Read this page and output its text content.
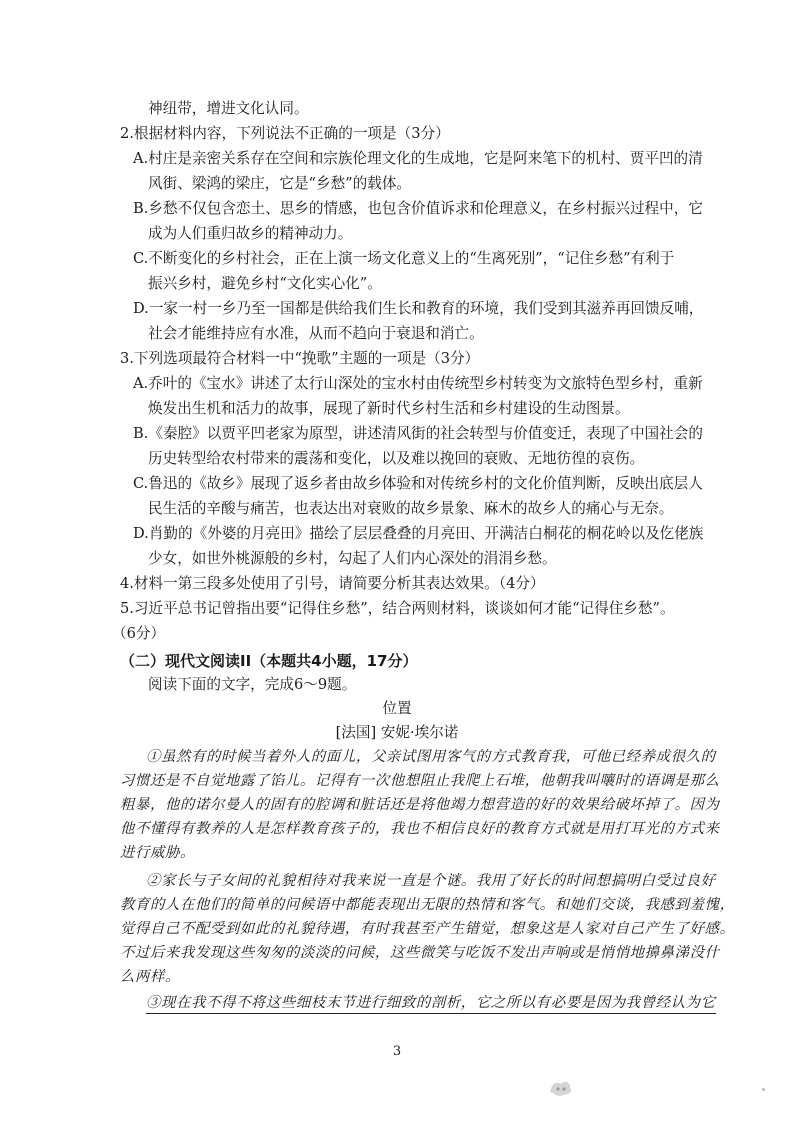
神纽带，增进文化认同。
2.根据材料内容，下列说法不正确的一项是（3分）
A.村庄是亲密关系存在空间和宗族伦理文化的生成地，它是阿来笔下的机村、贾平凹的清
风街、梁鸿的梁庄，它是“乡愁”的载体。
B.乡愁不仅包含恋土、思乡的情感，也包含价值诉求和伦理意义，在乡村振兴过程中，它
成为人们重归故乡的精神动力。
C.不断变化的乡村社会，正在上演一场文化意义上的“生离死别”，“记住乡愁”有利于
振兴乡村，避免乡村“文化实心化”。
D.一家一村一乡乃至一国都是供给我们生长和教育的环境，我们受到其滋养再回馈反哺，
社会才能维持应有水准，从而不趋向于衰退和消亡。
3.下列选项最符合材料一中“挽歌”主题的一项是（3分）
A.乔叶的《宝水》讲述了太行山深处的宝水村由传统型乡村转变为文旅特色型乡村，重新
焕发出生机和活力的故事，展现了新时代乡村生活和乡村建设的生动图景。
B.《秦腔》以贾平凹老家为原型，讲述清风街的社会转型与价值变迁，表现了中国社会的
历史转型给农村带来的震荡和变化，以及难以挽回的衰败、无地彷徨的哀伤。
C.鲁迅的《故乡》展现了返乡者由故乡体验和对传统乡村的文化价值判断，反映出底层人
民生活的辛酸与痛苦，也表达出对衰败的故乡景象、麻木的故乡人的痛心与无奈。
D.肖勤的《外婆的月亮田》描绘了层层叠叠的月亮田、开满洁白桐花的桐花岭以及仡佬族
少女，如世外桃源般的乡村，勾起了人们内心深处的涓涓乡愁。
4.材料一第三段多处使用了引号，请简要分析其表达效果。（4分）
5.习近平总书记曾指出要“记得住乡愁”，结合两则材料，谈谈如何才能“记得住乡愁”。
（6分）
（二）现代文阅读II（本题共4小题，17分）
阅读下面的文字，完成6～9题。
位置
[法国] 安妮·埃尔诺
①虽然有的时候当着外人的面儿，父亲试图用客气的方式教育我，可他已经养成很久的
习惯还是不自觉地露了馅儿。记得有一次他想阻止我爬上石堆，他朝我叫嚷时的语调是那么
粗暴，他的诺尔曼人的固有的腔调和脏话还是将他竭力想营造的好的效果给破坏掉了。因为
他不懂得有教养的人是怎样教育孩子的，我也不相信良好的教育方式就是用打耳光的方式来
进行威胁。
②家长与子女间的礼貌相待对我来说一直是个谜。我用了好长的时间想搞明白受过良好
教育的人在他们的简单的问候语中都能表现出无限的热情和客气。和她们交谈，我感到羞愧，
觉得自己不配受到如此的礼貌待遇，有时我甚至产生错觉，想象这是人家对自己产生了好感。
不过后来我发现这些匆匆的淡淡的问候，这些微笑与吃饭不发出声响或是悄悄地擤鼻涕没什
么两样。
③现在我不得不将这些细枝末节进行细致的剖析，它之所以有必要是因为我曾经认为它
3
